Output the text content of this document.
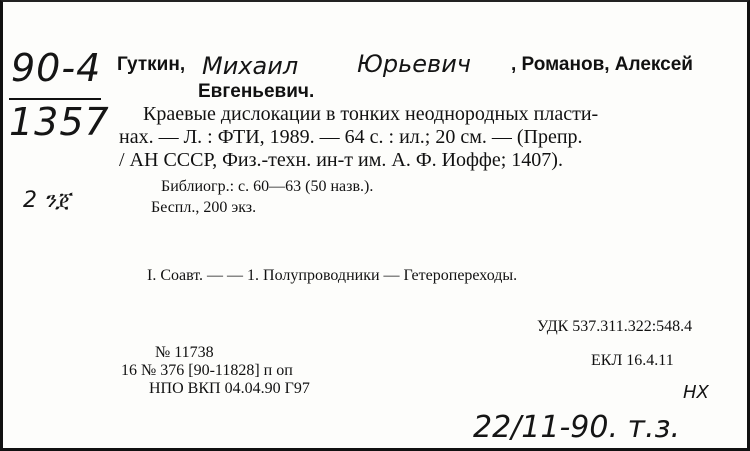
90-4
1357
2 ንጀ
Гуткин, Михаил Юрьевич , Романов, Алексей
Евгеньевич.
Краевые дислокации в тонких неоднородных пласти-
нах. — Л. : ФТИ, 1989. — 64 с. : ил.; 20 см. — (Препр.
/ АН СССР, Физ.-техн. ин-т им. А. Ф. Иоффе; 1407).
Библиогр.: с. 60—63 (50 назв.).
Беспл., 200 экз.
I. Соавт. — — 1. Полупроводники — Гетеропереходы.
УДК 537.311.322:548.4
№ 11738
16 № 376 [90-11828] п оп
НПО ВКП 04.04.90 Г97
ЕКЛ 16.4.11
НХ
22/11-90. т.з.
